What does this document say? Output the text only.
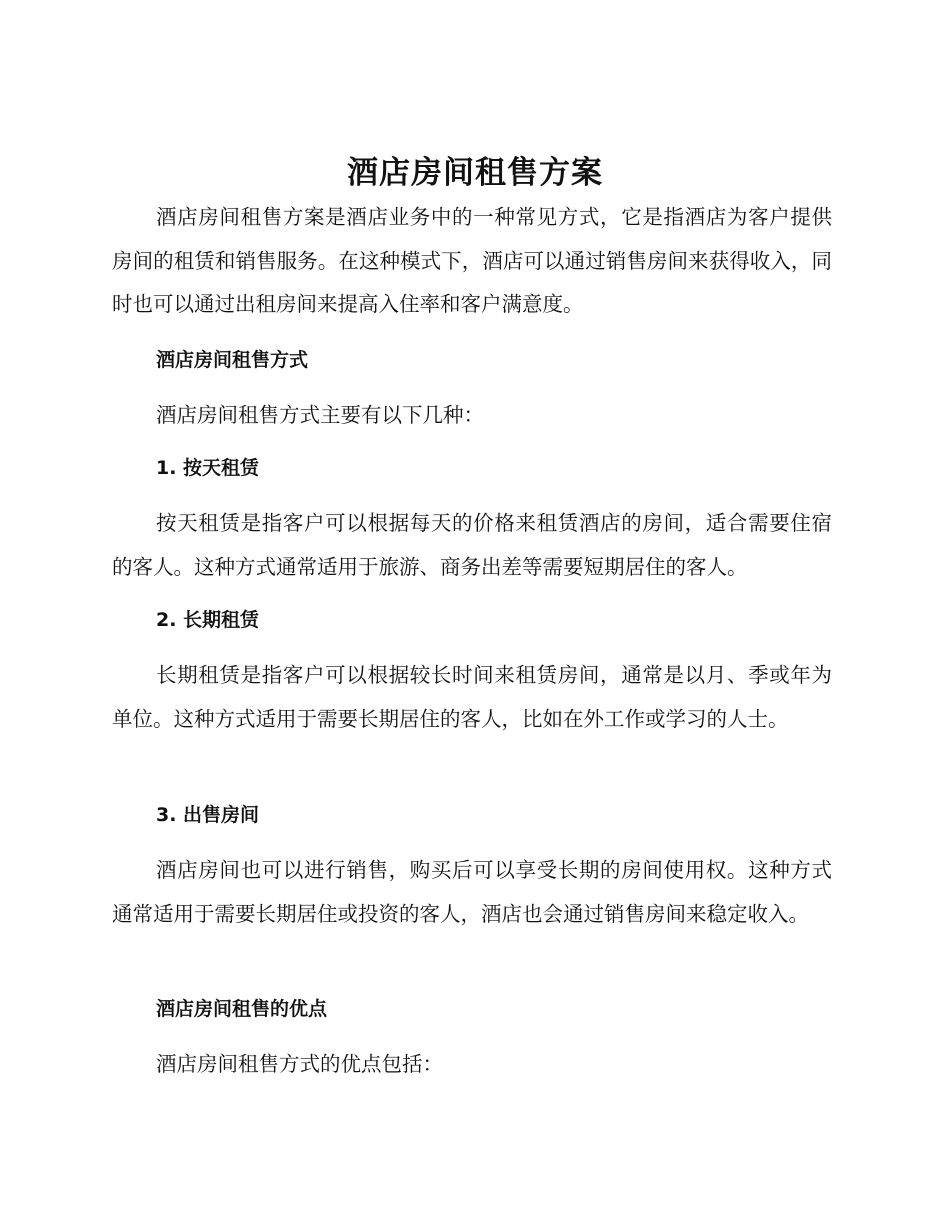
酒店房间租售方案

酒店房间租售方案是酒店业务中的一种常见方式，它是指酒店为客户提供房间的租赁和销售服务。在这种模式下，酒店可以通过销售房间来获得收入，同时也可以通过出租房间来提高入住率和客户满意度。

酒店房间租售方式

酒店房间租售方式主要有以下几种：

1. 按天租赁

按天租赁是指客户可以根据每天的价格来租赁酒店的房间，适合需要住宿的客人。这种方式通常适用于旅游、商务出差等需要短期居住的客人。

2. 长期租赁

长期租赁是指客户可以根据较长时间来租赁房间，通常是以月、季或年为单位。这种方式适用于需要长期居住的客人，比如在外工作或学习的人士。

3. 出售房间

酒店房间也可以进行销售，购买后可以享受长期的房间使用权。这种方式通常适用于需要长期居住或投资的客人，酒店也会通过销售房间来稳定收入。

酒店房间租售的优点

酒店房间租售方式的优点包括：
